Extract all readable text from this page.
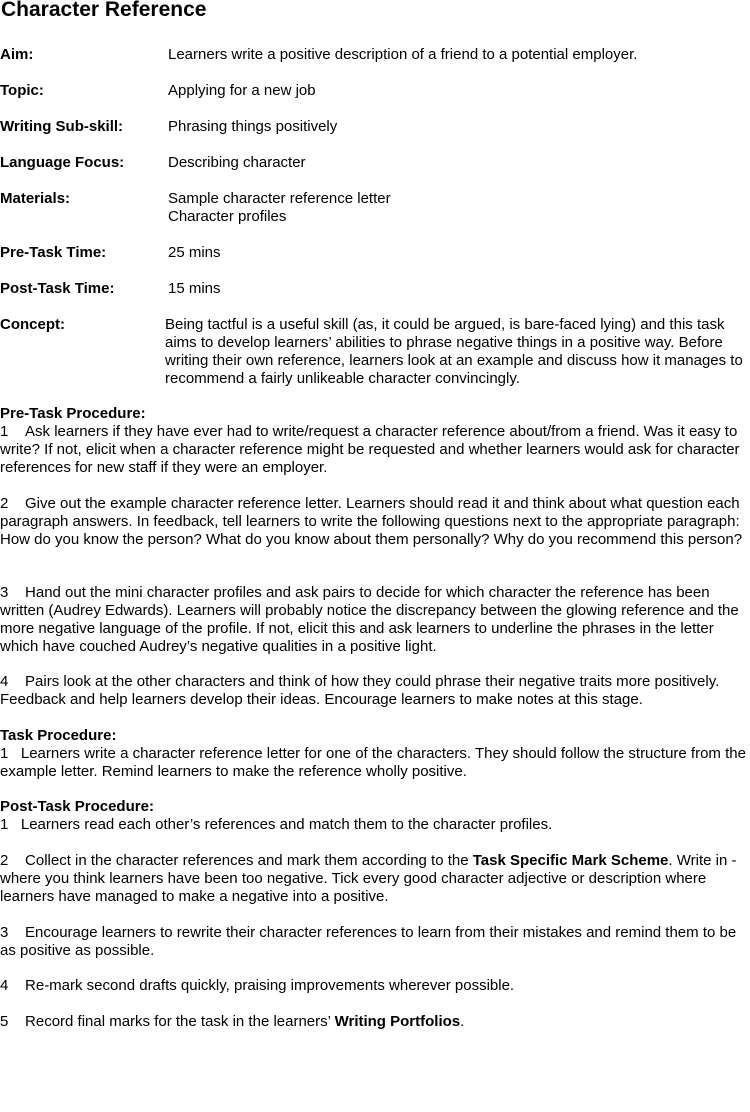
Character Reference
Aim:	Learners write a positive description of a friend to a potential employer.
Topic:	Applying for a new job
Writing Sub-skill:	Phrasing things positively
Language Focus:	Describing character
Materials:	Sample character reference letter
Character profiles
Pre-Task Time:	25 mins
Post-Task Time:	15 mins
Concept:	Being tactful is a useful skill (as, it could be argued, is bare-faced lying) and this task aims to develop learners’ abilities to phrase negative things in a positive way. Before writing their own reference, learners look at an example and discuss how it manages to recommend a fairly unlikeable character convincingly.
Pre-Task Procedure:
1 Ask learners if they have ever had to write/request a character reference about/from a friend. Was it easy to write? If not, elicit when a character reference might be requested and whether learners would ask for character references for new staff if they were an employer.
2 Give out the example character reference letter. Learners should read it and think about what question each paragraph answers. In feedback, tell learners to write the following questions next to the appropriate paragraph: How do you know the person? What do you know about them personally? Why do you recommend this person?
3 Hand out the mini character profiles and ask pairs to decide for which character the reference has been written (Audrey Edwards). Learners will probably notice the discrepancy between the glowing reference and the more negative language of the profile. If not, elicit this and ask learners to underline the phrases in the letter which have couched Audrey’s negative qualities in a positive light.
4 Pairs look at the other characters and think of how they could phrase their negative traits more positively. Feedback and help learners develop their ideas. Encourage learners to make notes at this stage.
Task Procedure:
1 Learners write a character reference letter for one of the characters. They should follow the structure from the example letter. Remind learners to make the reference wholly positive.
Post-Task Procedure:
1 Learners read each other’s references and match them to the character profiles.
2 Collect in the character references and mark them according to the Task Specific Mark Scheme. Write in - where you think learners have been too negative. Tick every good character adjective or description where learners have managed to make a negative into a positive.
3 Encourage learners to rewrite their character references to learn from their mistakes and remind them to be as positive as possible.
4 Re-mark second drafts quickly, praising improvements wherever possible.
5 Record final marks for the task in the learners’ Writing Portfolios.
